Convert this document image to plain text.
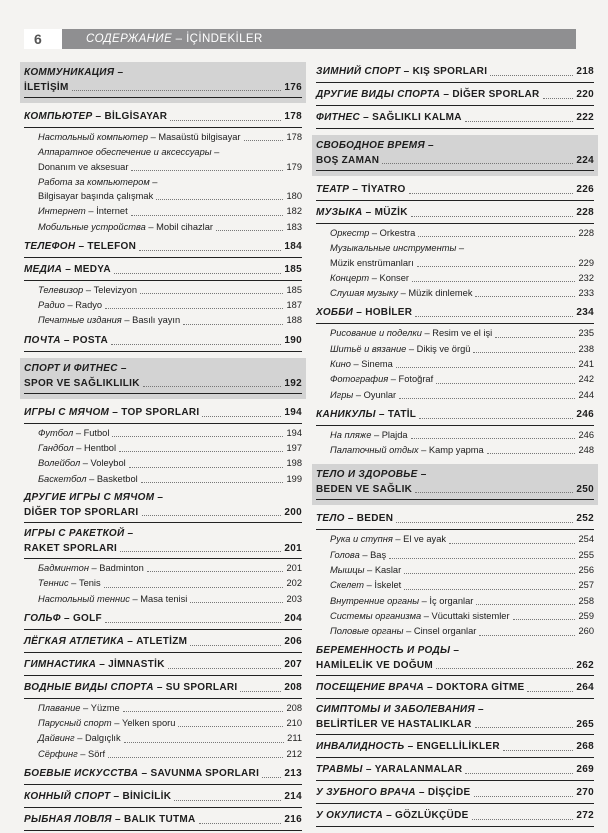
6	СОДЕРЖАНИЕ – İÇİNDEKİLER
КОММУНИКАЦИЯ –
İLETİŞİM	176
КОМПЬЮТЕР – BİLGİSAYAR	178
Настольный компьютер – Masaüstü bilgisayar	178
Аппаратное обеспечение и аксессуары –
Donanım ve aksesuar	179
Работа за компьютером –
Bilgisayar başında çalışmak	180
Интернет – İnternet	182
Мобильные устройства – Mobil cihazlar	183
ТЕЛЕФОН – TELEFON	184
МЕДИА – MEDYA	185
Телевизор – Televizyon	185
Радио – Radyo	187
Печатные издания – Basılı yayın	188
ПОЧТА – POSTA	190
СПОРТ И ФИТНЕС –
SPOR VE SAĞLIKLILIK	192
ИГРЫ С МЯЧОМ – TOP SPORLARI	194
Футбол – Futbol	194
Гандбол – Hentbol	197
Волейбол – Voleybol	198
Баскетбол – Basketbol	199
ДРУГИЕ ИГРЫ С МЯЧОМ –
DİĞER TOP SPORLARI	200
ИГРЫ С РАКЕТКОЙ –
RAKET SPORLARI	201
Бадминтон – Badminton	201
Теннис – Tenis	202
Настольный теннис – Masa tenisi	203
ГОЛЬФ – GOLF	204
ЛЁГКАЯ АТЛЕТИКА – ATLETİZM	206
ГИМНАСТИКА – JİMNASTİK	207
ВОДНЫЕ ВИДЫ СПОРТА – SU SPORLARI	208
Плавание – Yüzme	208
Парусный спорт – Yelken sporu	210
Дайвинг – Dalgıçlık	211
Сёрфинг – Sörf	212
БОЕВЫЕ ИСКУССТВА – SAVUNMA SPORLARI	213
КОННЫЙ СПОРТ – BİNİCİLİK	214
РЫБНАЯ ЛОВЛЯ – BALIK TUTMA	216
ЗИМНИЙ СПОРТ – KIŞ SPORLARI	218
ДРУГИЕ ВИДЫ СПОРТА – DİĞER SPORLAR	220
ФИТНЕС – SAĞLIKLI KALMA	222
СВОБОДНОЕ ВРЕМЯ –
BOŞ ZAMAN	224
ТЕАТР – TİYATRO	226
МУЗЫКА – MÜZİK	228
Оркестр – Orkestra	228
Музыкальные инструменты –
Müzik enstrümanları	229
Концерт – Konser	232
Слушая музыку – Müzik dinlemek	233
ХОББИ – HOBİLER	234
Рисование и поделки – Resim ve el işi	235
Шитьё и вязание – Dikiş ve örgü	238
Кино – Sinema	241
Фотография – Fotoğraf	242
Игры – Oyunlar	244
КАНИКУЛЫ – TATİL	246
На пляже – Plajda	246
Палаточный отдых – Kamp yapma	248
ТЕЛО И ЗДОРОВЬЕ –
BEDEN VE SAĞLIK	250
ТЕЛО – BEDEN	252
Рука и ступня – El ve ayak	254
Голова – Baş	255
Мышцы – Kaslar	256
Скелет – İskelet	257
Внутренние органы – İç organlar	258
Системы организма – Vücuttaki sistemler	259
Половые органы – Cinsel organlar	260
БЕРЕМЕННОСТЬ И РОДЫ –
HAMİLELİK VE DOĞUM	262
ПОСЕЩЕНИЕ ВРАЧА – DOKTORA GİTME	264
СИМПТОМЫ И ЗАБОЛЕВАНИЯ –
BELİRTİLER VE HASTALIKLAR	265
ИНВАЛИДНОСТЬ – ENGELLİLİKLER	268
ТРАВМЫ – YARALANMALAR	269
У ЗУБНОГО ВРАЧА – DİŞÇİDE	270
У ОКУЛИСТА – GÖZLÜKÇÜDE	272
